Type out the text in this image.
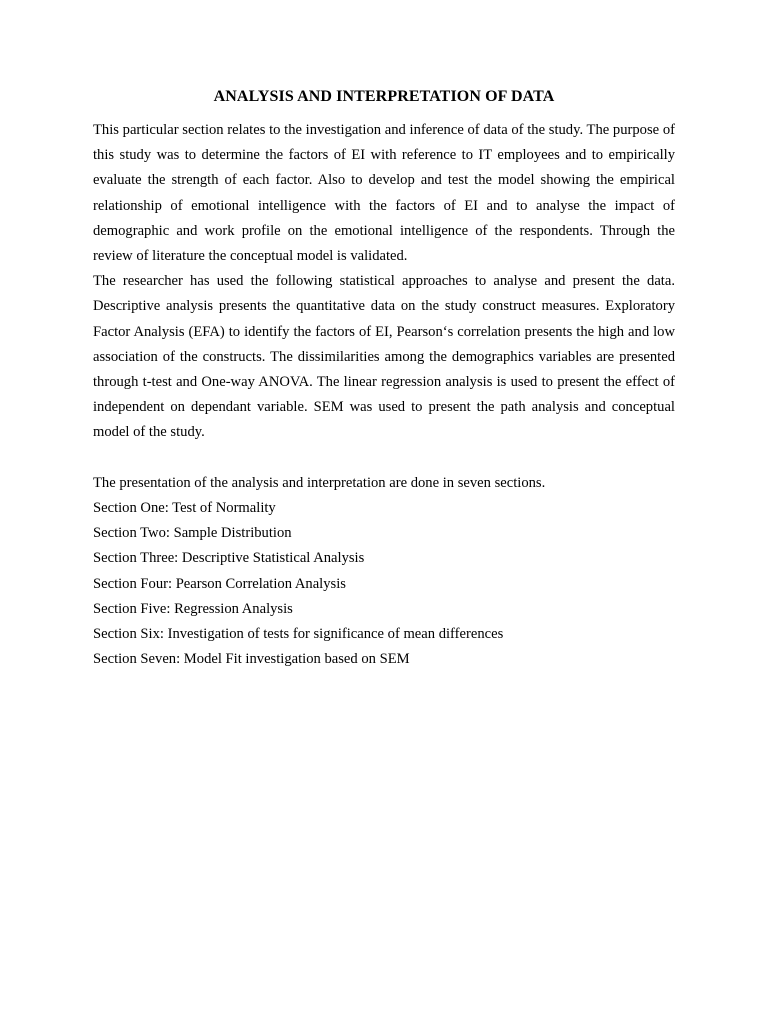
ANALYSIS AND INTERPRETATION OF DATA

This particular section relates to the investigation and inference of data of the study. The purpose of this study was to determine the factors of EI with reference to IT employees and to empirically evaluate the strength of each factor. Also to develop and test the model showing the empirical relationship of emotional intelligence with the factors of EI and to analyse the impact of demographic and work profile on the emotional intelligence of the respondents. Through the review of literature the conceptual model is validated.

The researcher has used the following statistical approaches to analyse and present the data. Descriptive analysis presents the quantitative data on the study construct measures. Exploratory Factor Analysis (EFA) to identify the factors of EI, Pearson‘s correlation presents the high and low association of the constructs. The dissimilarities among the demographics variables are presented through t-test and One-way ANOVA. The linear regression analysis is used to present the effect of independent on dependant variable. SEM was used to present the path analysis and conceptual model of the study.

The presentation of the analysis and interpretation are done in seven sections.

Section One: Test of Normality

Section Two: Sample Distribution

Section Three: Descriptive Statistical Analysis

Section Four: Pearson Correlation Analysis

Section Five: Regression Analysis

Section Six: Investigation of tests for significance of mean differences

Section Seven: Model Fit investigation based on SEM
